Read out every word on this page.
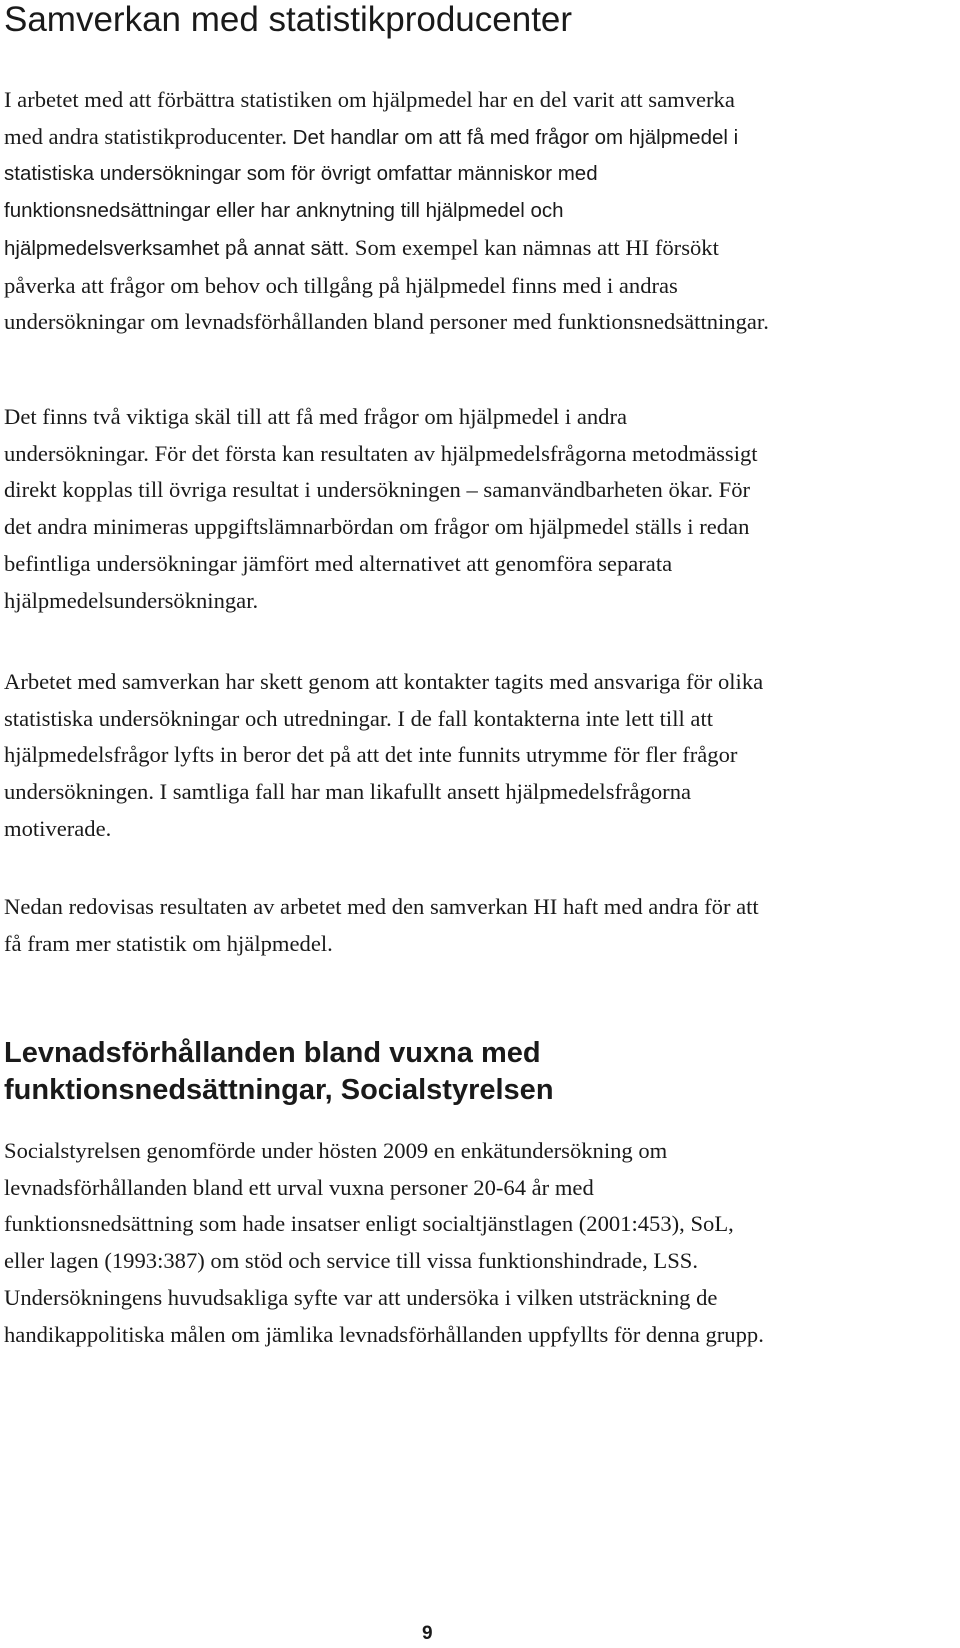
Samverkan med statistikproducenter

I arbetet med att förbättra statistiken om hjälpmedel har en del varit att samverka
med andra statistikproducenter. Det handlar om att få med frågor om hjälpmedel i
statistiska undersökningar som för övrigt omfattar människor med
funktionsnedsättningar eller har anknytning till hjälpmedel och
hjälpmedelsverksamhet på annat sätt. Som exempel kan nämnas att HI försökt
påverka att frågor om behov och tillgång på hjälpmedel finns med i andras
undersökningar om levnadsförhållanden bland personer med funktionsnedsättningar.

Det finns två viktiga skäl till att få med frågor om hjälpmedel i andra
undersökningar. För det första kan resultaten av hjälpmedelsfrågorna metodmässigt
direkt kopplas till övriga resultat i undersökningen – samanvändbarheten ökar. För
det andra minimeras uppgiftslämnarbördan om frågor om hjälpmedel ställs i redan
befintliga undersökningar jämfört med alternativet att genomföra separata
hjälpmedelsundersökningar.

Arbetet med samverkan har skett genom att kontakter tagits med ansvariga för olika
statistiska undersökningar och utredningar. I de fall kontakterna inte lett till att
hjälpmedelsfrågor lyfts in beror det på att det inte funnits utrymme för fler frågor
undersökningen. I samtliga fall har man likafullt ansett hjälpmedelsfrågorna
motiverade.

Nedan redovisas resultaten av arbetet med den samverkan HI haft med andra för att
få fram mer statistik om hjälpmedel.

Levnadsförhållanden bland vuxna med
funktionsnedsättningar, Socialstyrelsen

Socialstyrelsen genomförde under hösten 2009 en enkätundersökning om
levnadsförhållanden bland ett urval vuxna personer 20-64 år med
funktionsnedsättning som hade insatser enligt socialtjänstlagen (2001:453), SoL,
eller lagen (1993:387) om stöd och service till vissa funktionshindrade, LSS.
Undersökningens huvudsakliga syfte var att undersöka i vilken utsträckning de
handikappolitiska målen om jämlika levnadsförhållanden uppfyllts för denna grupp.

9
